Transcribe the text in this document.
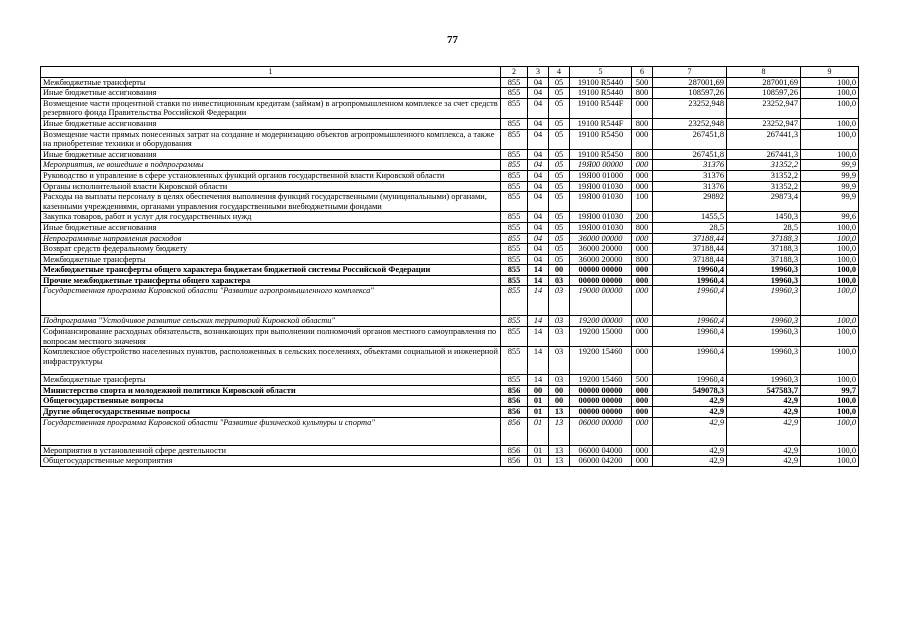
77
1	2	3	4	5	6	7	8	9
Межбюджетные трансферты	855	04	05	19100 R5440	500	287001,69	287001,69	100,0
Иные бюджетные ассигнования	855	04	05	19100 R5440	800	108597,26	108597,26	100,0
Возмещение части процентной ставки по инвестиционным кредитам (займам) в агропромышленном комплексе за счет средств резервного фонда Правительства Российской Федерации	855	04	05	19100 R544F	000	23252,948	23252,947	100,0
Иные бюджетные ассигнования	855	04	05	19100 R544F	800	23252,948	23252,947	100,0
Возмещение части прямых понесенных затрат на создание и модернизацию объектов агропромышленного комплекса, а также на приобретение техники и оборудования	855	04	05	19100 R5450	000	267451,8	267441,3	100,0
Иные бюджетные ассигнования	855	04	05	19100 R5450	800	267451,8	267441,3	100,0
Мероприятия, не вошедшие в подпрограммы	855	04	05	19Я00 00000	000	31376	31352,2	99,9
Руководство и управление в сфере установленных функций органов государственной власти Кировской области	855	04	05	19Я00 01000	000	31376	31352,2	99,9
Органы исполнительной власти Кировской области	855	04	05	19Я00 01030	000	31376	31352,2	99,9
Расходы на выплаты персоналу в целях обеспечения выполнения функций государственными (муниципальными) органами, казенными учреждениями, органами управления государственными внебюджетными фондами	855	04	05	19Я00 01030	100	29892	29873,4	99,9
Закупка товаров, работ и услуг для государственных нужд	855	04	05	19Я00 01030	200	1455,5	1450,3	99,6
Иные бюджетные ассигнования	855	04	05	19Я00 01030	800	28,5	28,5	100,0
Непрограммные направления расходов	855	04	05	36000 00000	000	37188,44	37188,3	100,0
Возврат средств федеральному бюджету	855	04	05	36000 20000	000	37188,44	37188,3	100,0
Межбюджетные трансферты	855	04	05	36000 20000	800	37188,44	37188,3	100,0
Межбюджетные трансферты общего характера бюджетам бюджетной системы Российской Федерации	855	14	00	00000 00000	000	19960,4	19960,3	100,0
Прочие межбюджетные трансферты общего характера	855	14	03	00000 00000	000	19960,4	19960,3	100,0
Государственная программа Кировской области "Развитие агропромышленного комплекса"	855	14	03	19000 00000	000	19960,4	19960,3	100,0
Подпрограмма "Устойчивое развитие сельских территорий Кировской области"	855	14	03	19200 00000	000	19960,4	19960,3	100,0
Софинансирование расходных обязательств, возникающих при выполнении полномочий органов местного самоуправления по вопросам местного значения	855	14	03	19200 15000	000	19960,4	19960,3	100,0
Комплексное обустройство населенных пунктов, расположенных в сельских поселениях, объектами социальной и инженерной инфраструктуры	855	14	03	19200 15460	000	19960,4	19960,3	100,0
Межбюджетные трансферты	855	14	03	19200 15460	500	19960,4	19960,3	100,0
Министерство спорта и молодежной политики Кировской области	856	00	00	00000 00000	000	549078,3	547583,7	99,7
Общегосударственные вопросы	856	01	00	00000 00000	000	42,9	42,9	100,0
Другие общегосударственные вопросы	856	01	13	00000 00000	000	42,9	42,9	100,0
Государственная программа Кировской области "Развитие физической культуры и спорта"	856	01	13	06000 00000	000	42,9	42,9	100,0
Мероприятия в установленной сфере деятельности	856	01	13	06000 04000	000	42,9	42,9	100,0
Общегосударственные мероприятия	856	01	13	06000 04200	000	42,9	42,9	100,0
